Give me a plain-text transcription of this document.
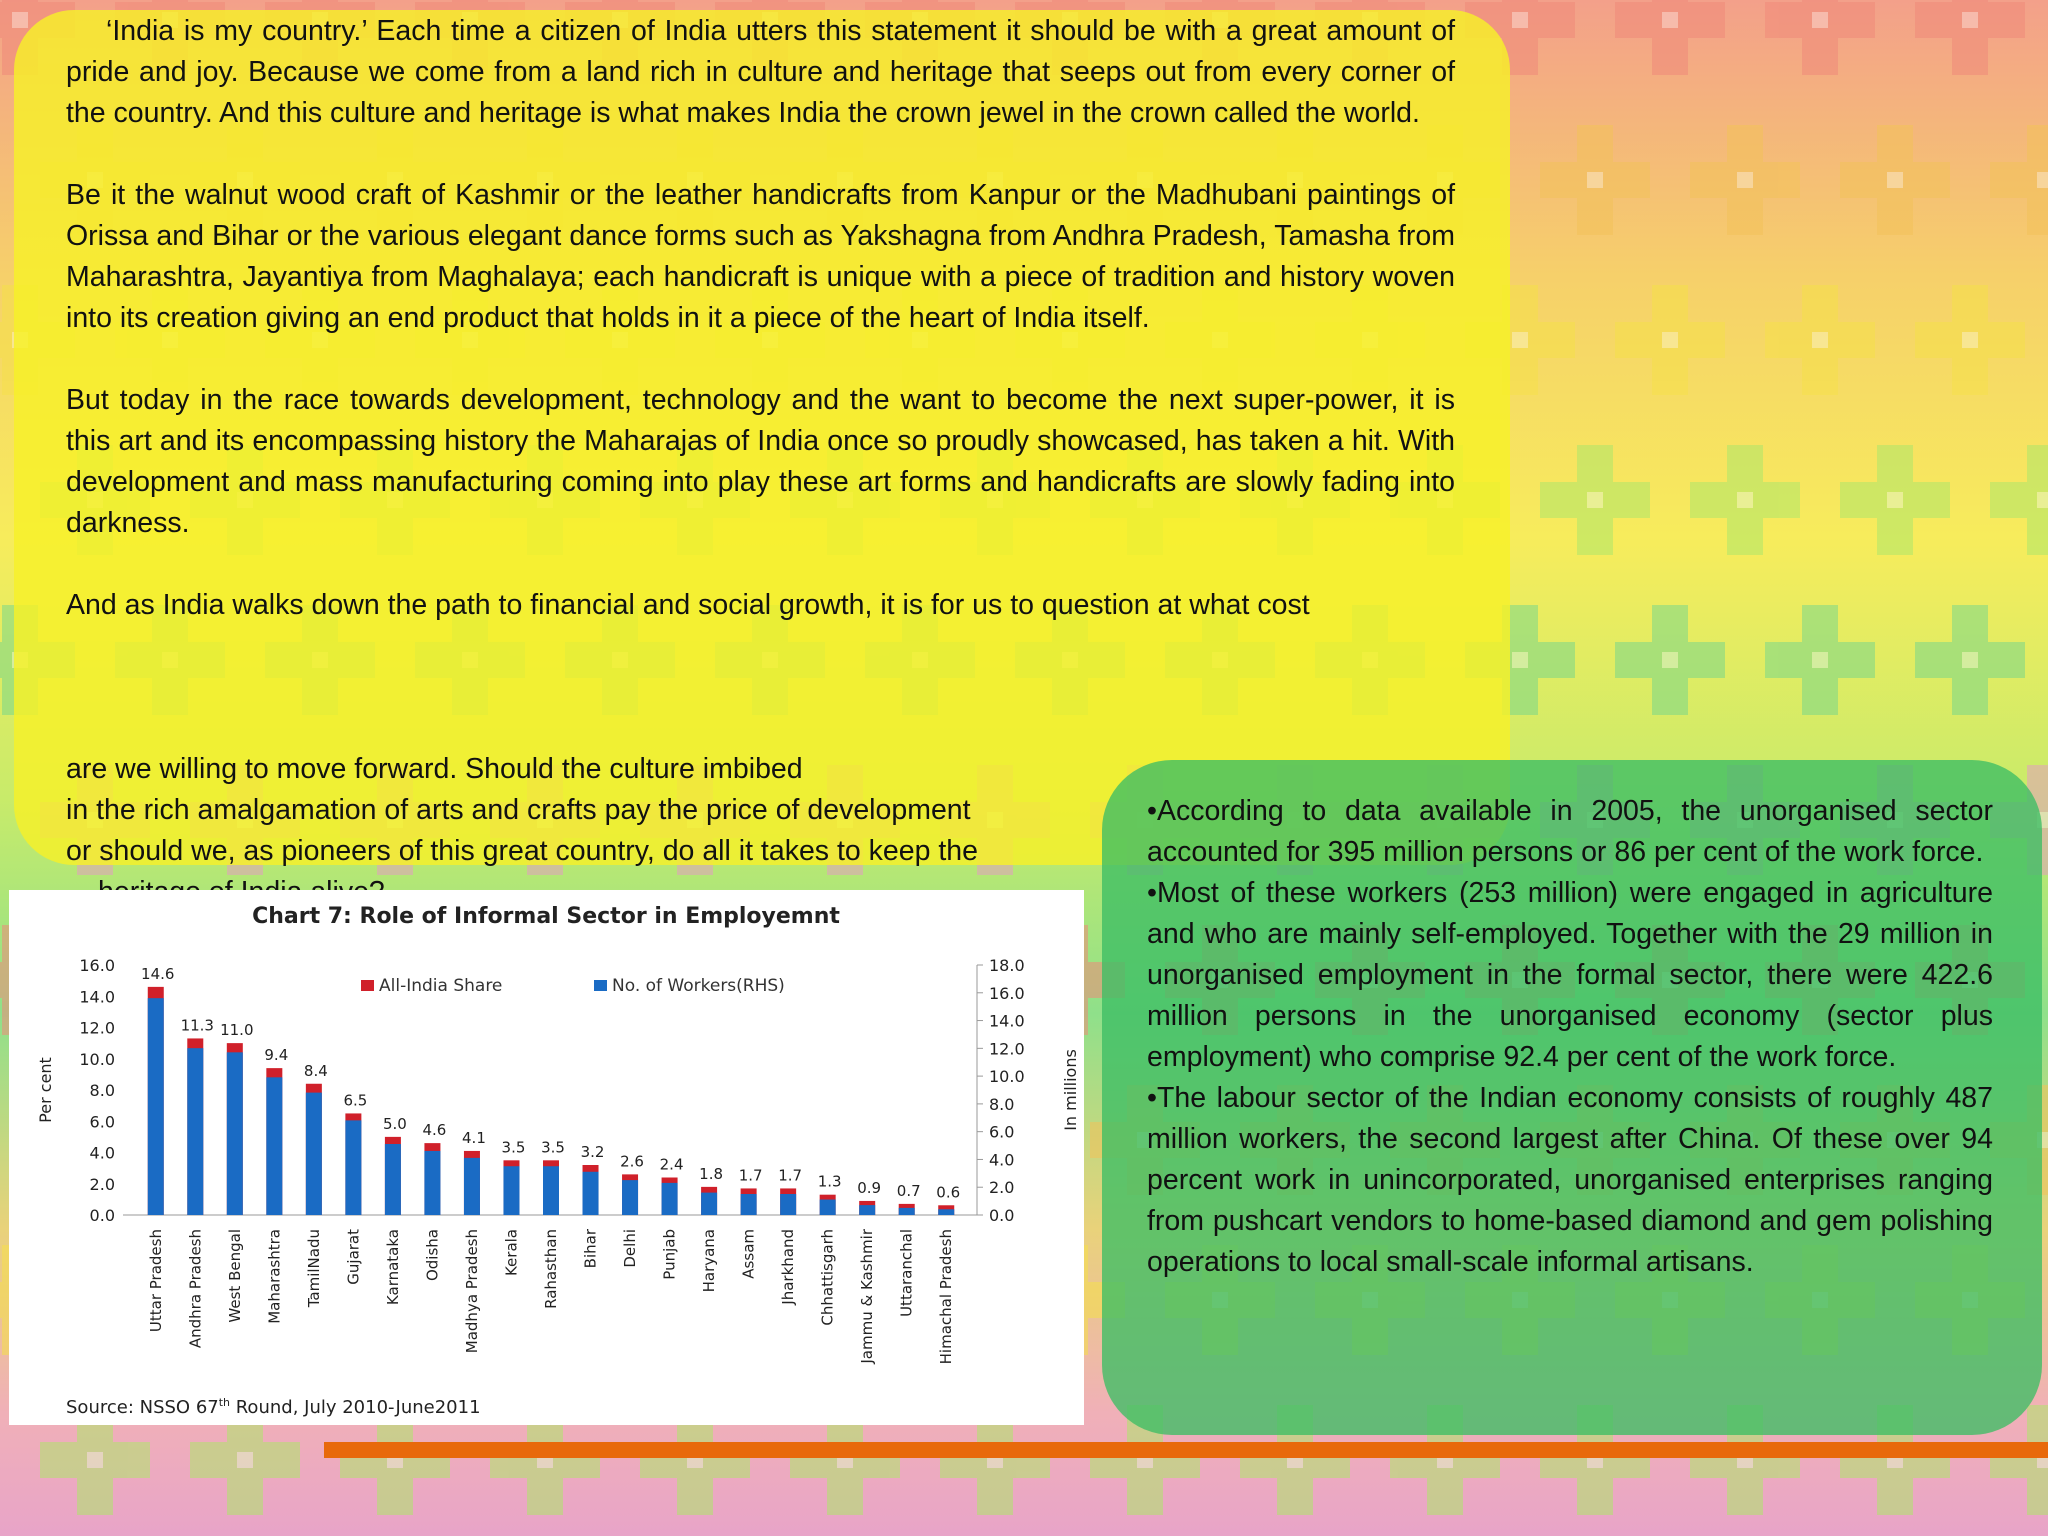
‘India is my country.’ Each time a citizen of India utters this statement it should be with a great amount of pride and joy. Because we come from a land rich in culture and heritage that seeps out from every corner of the country. And this culture and heritage is what makes India the crown jewel in the crown called the world.

Be it the walnut wood craft of Kashmir or the leather handicrafts from Kanpur or the Madhubani paintings of Orissa and Bihar or the various elegant dance forms such as Yakshagna from Andhra Pradesh, Tamasha from Maharashtra, Jayantiya from Maghalaya; each handicraft is unique with a piece of tradition and history woven into its creation giving an end product that holds in it a piece of the heart of India itself.

But today in the race towards development, technology and the want to become the next super-power, it is this art and its encompassing history the Maharajas of India once so proudly showcased, has taken a hit. With development and mass manufacturing coming into play these art forms and handicrafts are slowly fading into darkness.

And as India walks down the path to financial and social growth, it is for us to question at what cost

are we willing to move forward. Should the culture imbibed
in the rich amalgamation of arts and crafts pay the price of development
or should we, as pioneers of this great country, do all it takes to keep the

•According to data available in 2005, the unorganised sector accounted for 395 million persons or 86 per cent of the work force.

•Most of these workers (253 million) were engaged in agriculture and who are mainly self-employed. Together with the 29 million in unorganised employment in the formal sector, there were 422.6 million persons in the unorganised economy (sector plus employment) who comprise 92.4 per cent of the work force.

•The labour sector of the Indian economy consists of roughly 487 million workers, the second largest after China. Of these over 94 percent work in unincorporated, unorganised enterprises ranging from pushcart vendors to home-based diamond and gem polishing operations to local small-scale informal artisans.

Chart 7: Role of Informal Sector in Employemnt
0.0
2.0
4.0
6.0
8.0
10.0
12.0
14.0
16.0
0.0
2.0
4.0
6.0
8.0
10.0
12.0
14.0
16.0
18.0
Per cent	In millions
All-India Share	No. of Workers(RHS)
14.6
Uttar Pradesh
11.3
Andhra Pradesh
11.0
West Bengal
9.4
Maharashtra
8.4
TamilNadu
6.5
Gujarat
5.0
Karnataka
4.6
Odisha
4.1
Madhya Pradesh
3.5
Kerala
3.5
Rahasthan
3.2
Bihar
2.6
Delhi
2.4
Punjab
1.8
Haryana
1.7
Assam
1.7
Jharkhand
1.3
Chhattisgarh
0.9
Jammu & Kashmir
0.7
Uttaranchal
0.6
Himachal Pradesh
Source: NSSO 67th Round, July 2010-June2011
